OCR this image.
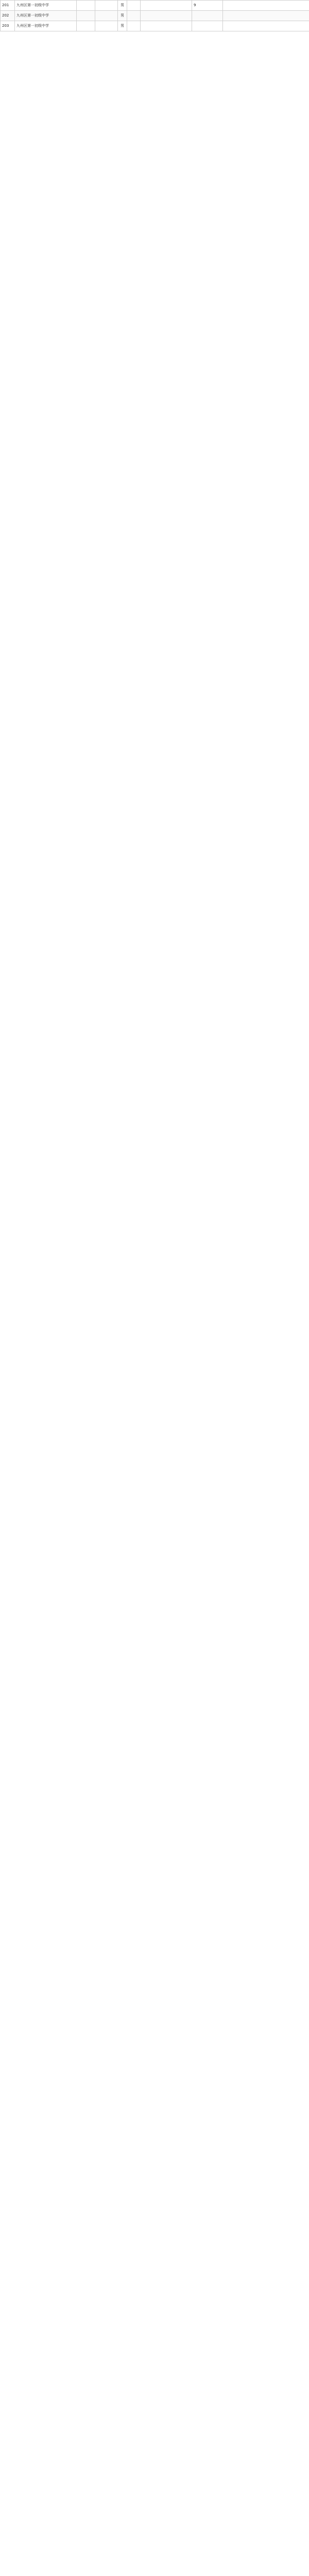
201	九州区第一初级中学			男			9	
202	九州区第一初级中学			男				
203	九州区第一初级中学			男				
